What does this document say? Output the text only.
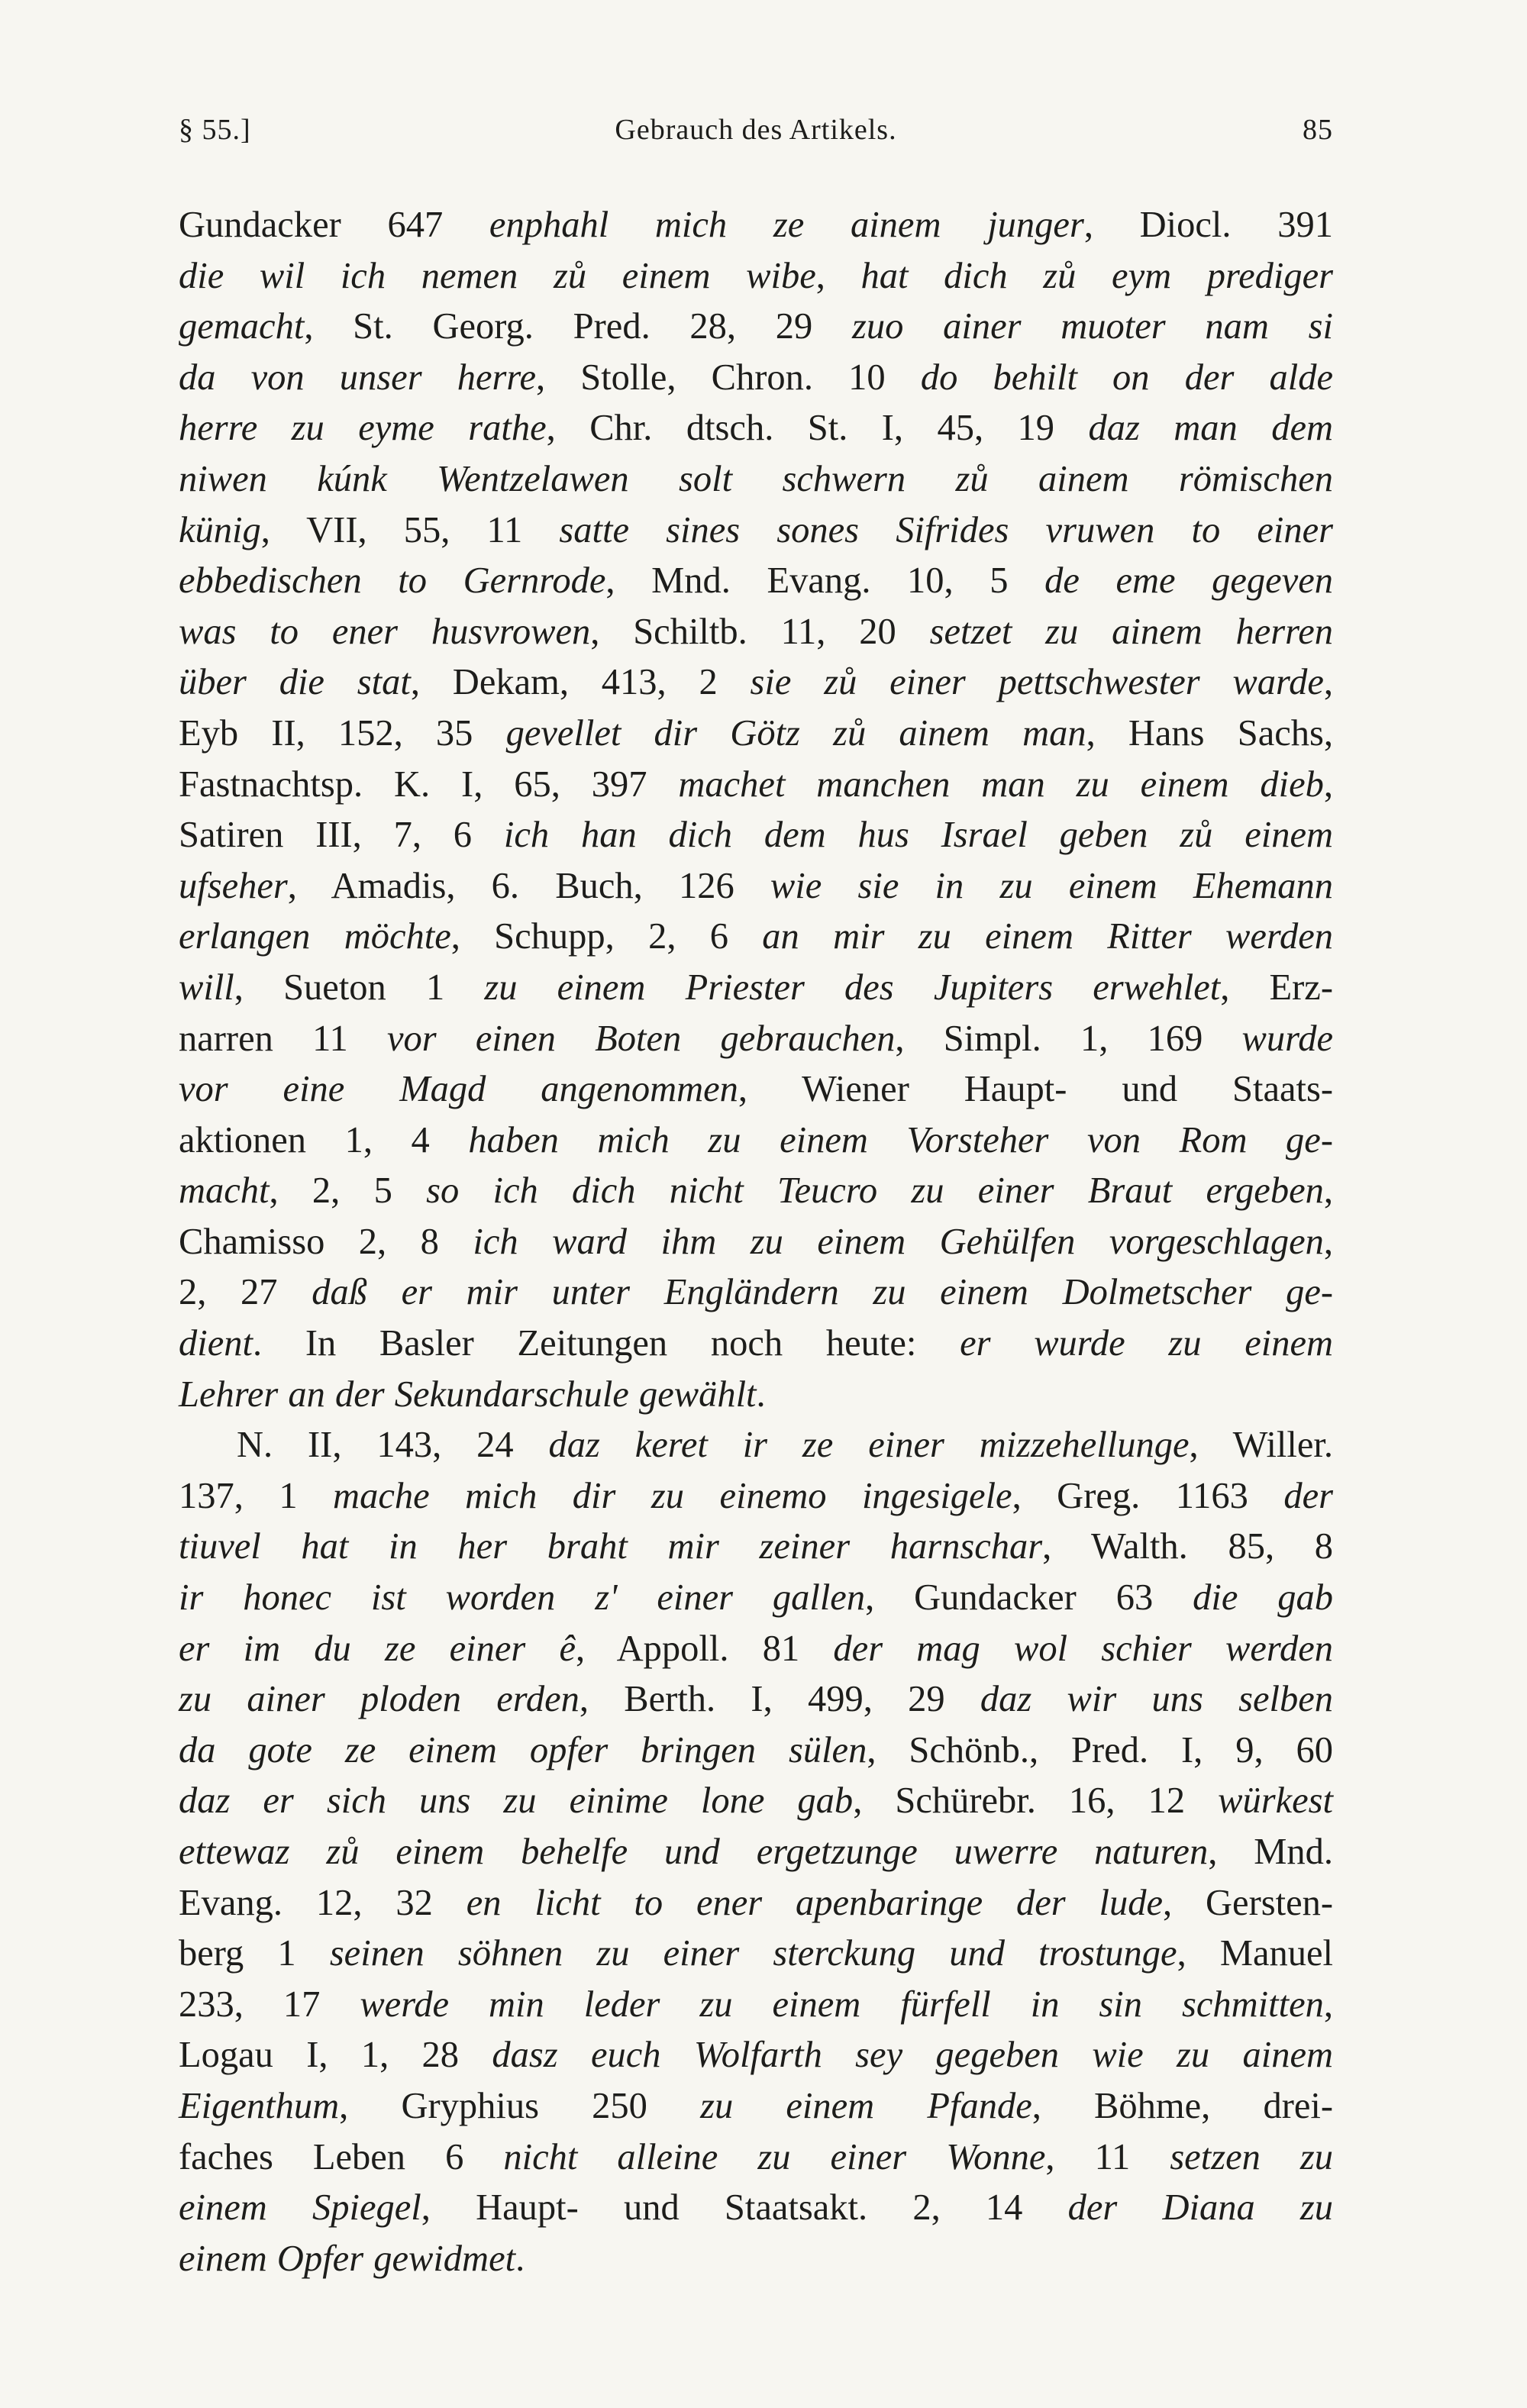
§ 55.]	Gebrauch des Artikels.	85
Gundacker 647 enphahl mich ze ainem junger, Diocl. 391
die wil ich nemen zů einem wibe, hat dich zů eym prediger
gemacht, St. Georg. Pred. 28, 29 zuo ainer muoter nam si
da von unser herre, Stolle, Chron. 10 do behilt on der alde
herre zu eyme rathe, Chr. dtsch. St. I, 45, 19 daz man dem
niwen kúnk Wentzelawen solt schwern zů ainem römischen
künig, VII, 55, 11 satte sines sones Sifrides vruwen to einer
ebbedischen to Gernrode, Mnd. Evang. 10, 5 de eme gegeven
was to ener husvrowen, Schiltb. 11, 20 setzet zu ainem herren
über die stat, Dekam, 413, 2 sie zů einer pettschwester warde,
Eyb II, 152, 35 gevellet dir Götz zů ainem man, Hans Sachs,
Fastnachtsp. K. I, 65, 397 machet manchen man zu einem dieb,
Satiren III, 7, 6 ich han dich dem hus Israel geben zů einem
ufseher, Amadis, 6. Buch, 126 wie sie in zu einem Ehemann
erlangen möchte, Schupp, 2, 6 an mir zu einem Ritter werden
will, Sueton 1 zu einem Priester des Jupiters erwehlet, Erz-
narren 11 vor einen Boten gebrauchen, Simpl. 1, 169 wurde
vor eine Magd angenommen, Wiener Haupt- und Staats-
aktionen 1, 4 haben mich zu einem Vorsteher von Rom ge-
macht, 2, 5 so ich dich nicht Teucro zu einer Braut ergeben,
Chamisso 2, 8 ich ward ihm zu einem Gehülfen vorgeschlagen,
2, 27 daß er mir unter Engländern zu einem Dolmetscher ge-
dient. In Basler Zeitungen noch heute: er wurde zu einem
Lehrer an der Sekundarschule gewählt.
N. II, 143, 24 daz keret ir ze einer mizzehellunge, Willer.
137, 1 mache mich dir zu einemo ingesigele, Greg. 1163 der
tiuvel hat in her braht mir zeiner harnschar, Walth. 85, 8
ir honec ist worden z' einer gallen, Gundacker 63 die gab
er im du ze einer ê, Appoll. 81 der mag wol schier werden
zu ainer ploden erden, Berth. I, 499, 29 daz wir uns selben
da gote ze einem opfer bringen sülen, Schönb., Pred. I, 9, 60
daz er sich uns zu einime lone gab, Schürebr. 16, 12 würkest
ettewaz zů einem behelfe und ergetzunge uwerre naturen, Mnd.
Evang. 12, 32 en licht to ener apenbaringe der lude, Gersten-
berg 1 seinen söhnen zu einer sterckung und trostunge, Manuel
233, 17 werde min leder zu einem fürfell in sin schmitten,
Logau I, 1, 28 dasz euch Wolfarth sey gegeben wie zu ainem
Eigenthum, Gryphius 250 zu einem Pfande, Böhme, drei-
faches Leben 6 nicht alleine zu einer Wonne, 11 setzen zu
einem Spiegel, Haupt- und Staatsakt. 2, 14 der Diana zu
einem Opfer gewidmet.
